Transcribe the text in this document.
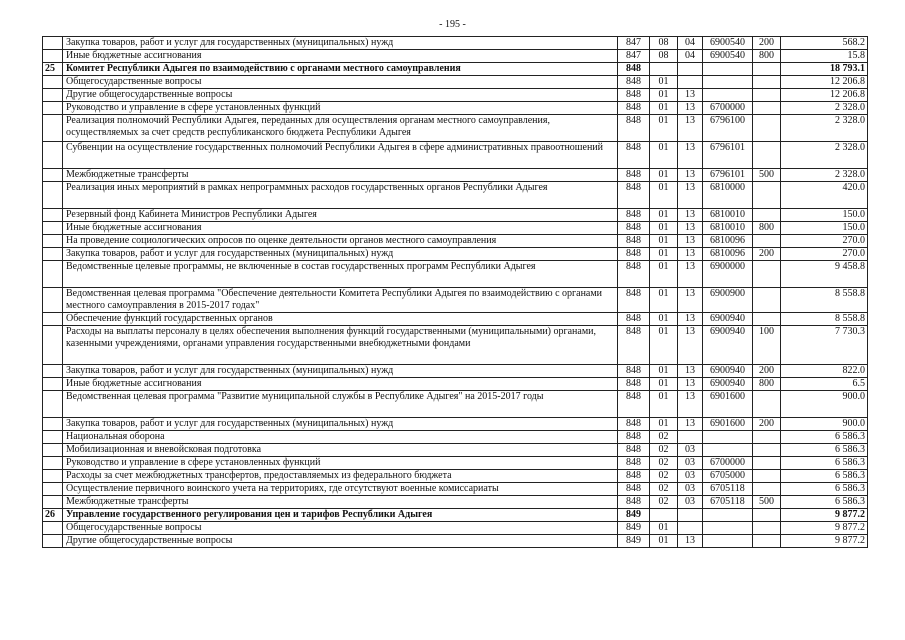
- 195 -
	Закупка товаров, работ и услуг для государственных (муниципальных) нужд	847	08	04	6900540	200	568.2
	Иные бюджетные ассигнования	847	08	04	6900540	800	15.8
25	Комитет Республики Адыгея по взаимодействию с органами местного самоуправления	848					18 793.1
	Общегосударственные вопросы	848	01				12 206.8
	Другие общегосударственные вопросы	848	01	13			12 206.8
	Руководство и управление в сфере установленных функций	848	01	13	6700000		2 328.0
	Реализация полномочий Республики Адыгея, переданных для осуществления органам местного самоуправления, осуществляемых за счет средств республиканского бюджета Республики Адыгея	848	01	13	6796100		2 328.0
	Субвенции на осуществление государственных полномочий Республики Адыгея в сфере административных правоотношений	848	01	13	6796101		2 328.0
	Межбюджетные трансферты	848	01	13	6796101	500	2 328.0
	Реализация иных мероприятий в рамках непрограммных расходов государственных органов Республики Адыгея	848	01	13	6810000		420.0
	Резервный фонд Кабинета Министров Республики Адыгея	848	01	13	6810010		150.0
	Иные бюджетные ассигнования	848	01	13	6810010	800	150.0
	На проведение социологических опросов по оценке деятельности органов местного самоуправления	848	01	13	6810096		270.0
	Закупка товаров, работ и услуг для государственных (муниципальных) нужд	848	01	13	6810096	200	270.0
	Ведомственные целевые программы, не включенные в состав государственных программ Республики Адыгея	848	01	13	6900000		9 458.8
	Ведомственная целевая программа "Обеспечение деятельности Комитета Республики Адыгея по взаимодействию с органами местного самоуправления в 2015-2017 годах"	848	01	13	6900900		8 558.8
	Обеспечение функций государственных органов	848	01	13	6900940		8 558.8
	Расходы на выплаты персоналу в целях обеспечения выполнения функций государственными (муниципальными) органами, казенными учреждениями, органами управления государственными внебюджетными фондами	848	01	13	6900940	100	7 730.3
	Закупка товаров, работ и услуг для государственных (муниципальных) нужд	848	01	13	6900940	200	822.0
	Иные бюджетные ассигнования	848	01	13	6900940	800	6.5
	Ведомственная целевая программа "Развитие муниципальной службы в Республике Адыгея" на 2015-2017 годы	848	01	13	6901600		900.0
	Закупка товаров, работ и услуг для государственных (муниципальных) нужд	848	01	13	6901600	200	900.0
	Национальная оборона	848	02				6 586.3
	Мобилизационная и вневойсковая подготовка	848	02	03			6 586.3
	Руководство и управление в сфере установленных функций	848	02	03	6700000		6 586.3
	Расходы за счет межбюджетных трансфертов, предоставляемых из федерального бюджета	848	02	03	6705000		6 586.3
	Осуществление первичного воинского учета на территориях, где отсутствуют военные комиссариаты	848	02	03	6705118		6 586.3
	Межбюджетные трансферты	848	02	03	6705118	500	6 586.3
26	Управление государственного регулирования цен и тарифов Республики Адыгея	849					9 877.2
	Общегосударственные вопросы	849	01				9 877.2
	Другие общегосударственные вопросы	849	01	13			9 877.2
